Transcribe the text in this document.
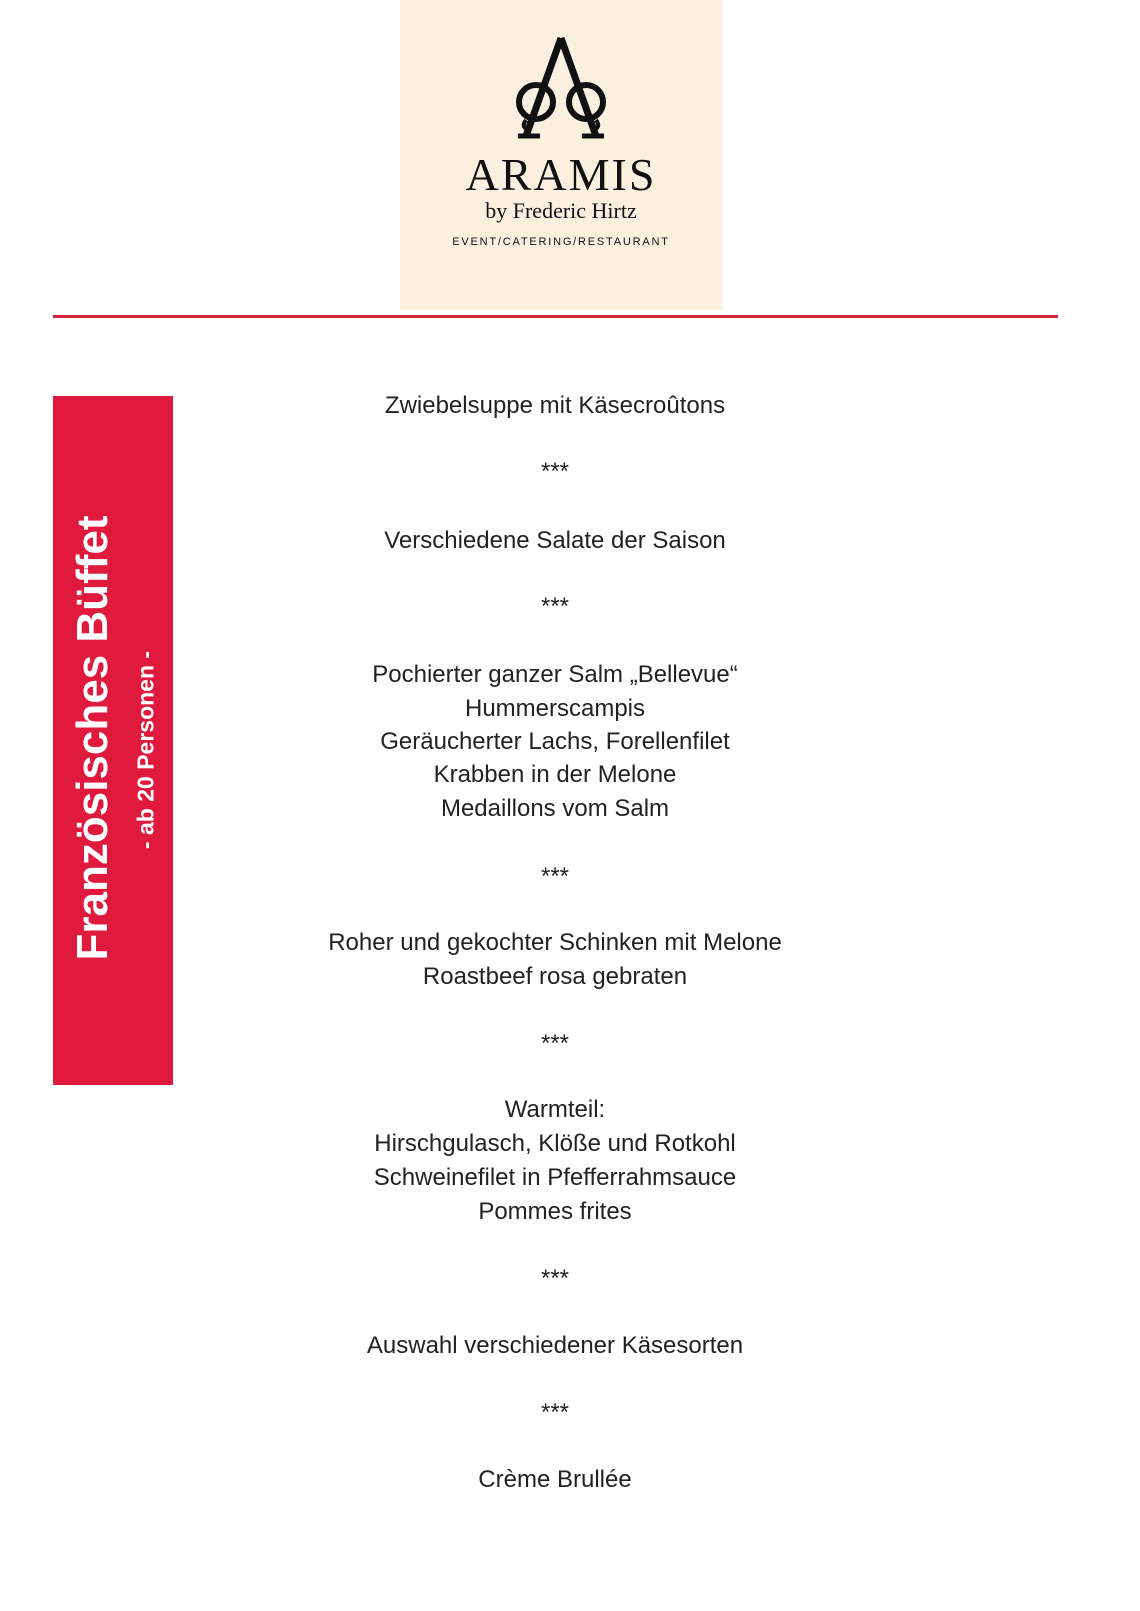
ARAMIS
by Frederic Hirtz
EVENT/CATERING/RESTAURANT
Französisches Büffet - ab 20 Personen -
Zwiebelsuppe mit Käsecroûtons
***
Verschiedene Salate der Saison
***
Pochierter ganzer Salm „Bellevue“
Hummerscampis
Geräucherter Lachs, Forellenfilet
Krabben in der Melone
Medaillons vom Salm
***
Roher und gekochter Schinken mit Melone
Roastbeef rosa gebraten
***
Warmteil:
Hirschgulasch, Klöße und Rotkohl
Schweinefilet in Pfefferrahmsauce
Pommes frites
***
Auswahl verschiedener Käsesorten
***
Crème Brullée
